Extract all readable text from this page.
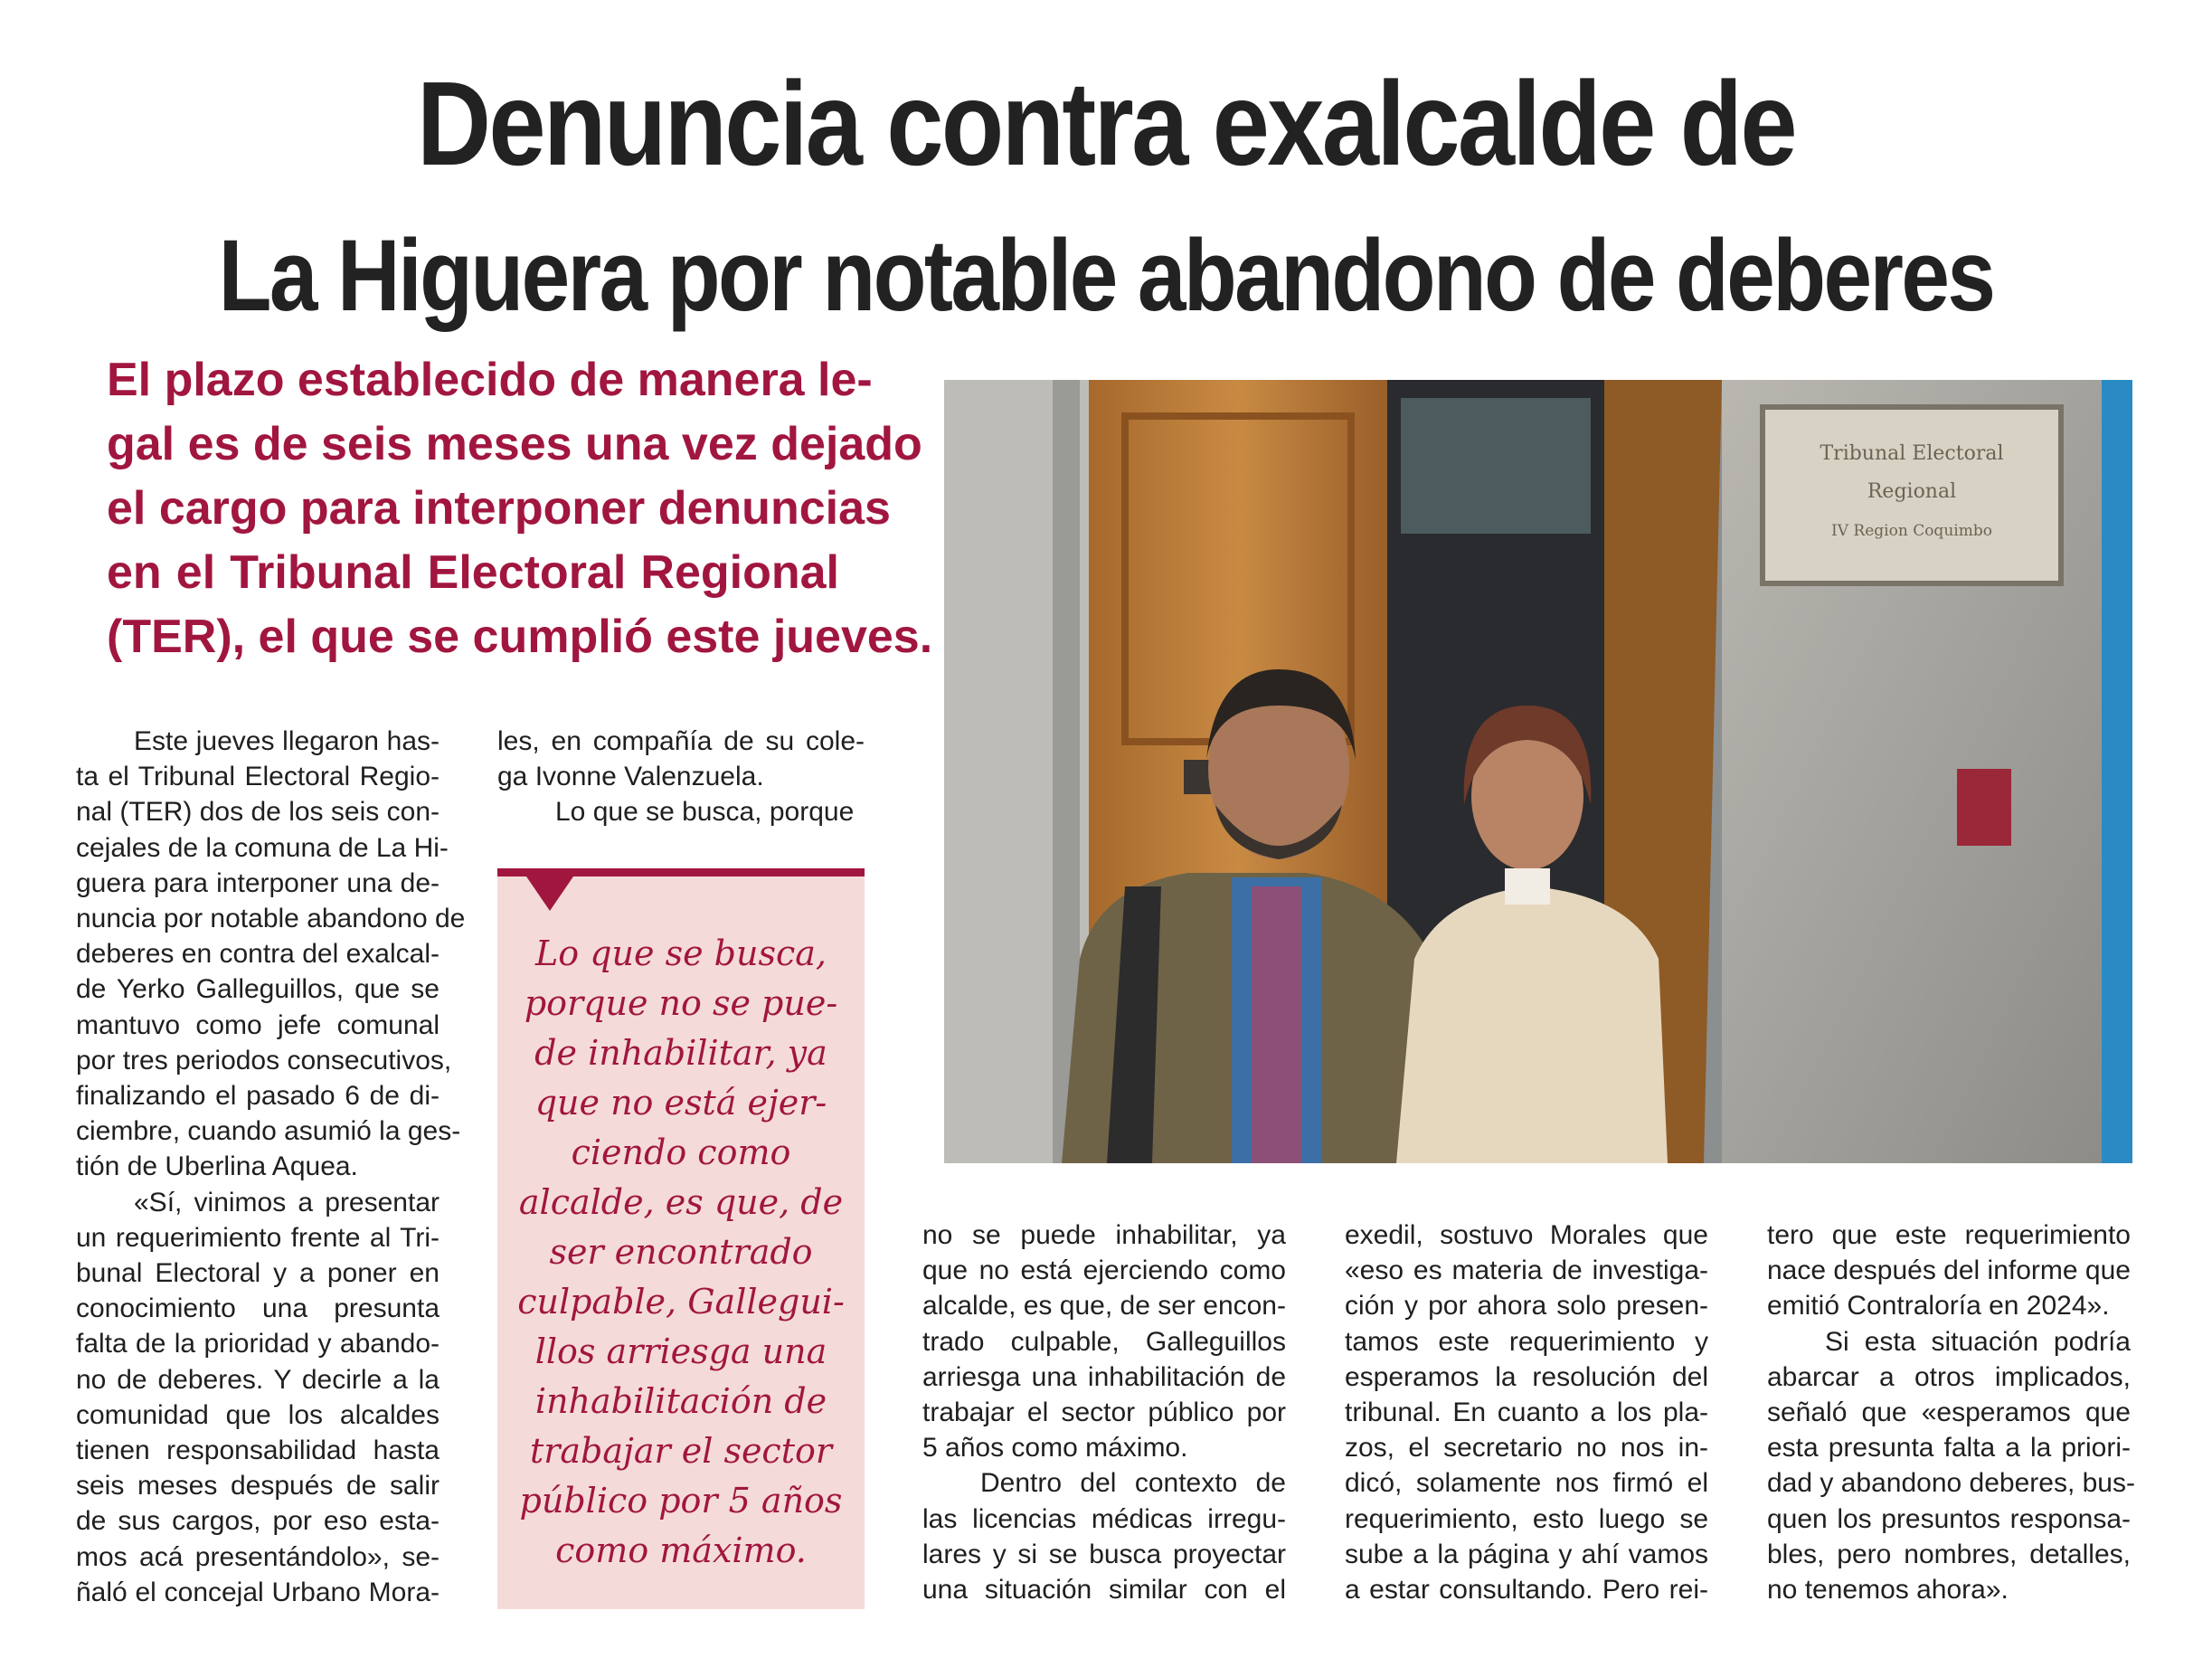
Denuncia contra exalcalde de
La Higuera por notable abandono de deberes
El plazo establecido de manera le-
gal es de seis meses una vez dejado
el cargo para interponer denuncias
en el Tribunal Electoral Regional
(TER), el que se cumplió este jueves.
Este jueves llegaron has-
ta el Tribunal Electoral Regio-
nal (TER) dos de los seis con-
cejales de la comuna de La Hi-
guera para interponer una de-
nuncia por notable abandono de
deberes en contra del exalcal-
de Yerko Galleguillos, que se
mantuvo como jefe comunal
por tres periodos consecutivos,
finalizando el pasado 6 de di-
ciembre, cuando asumió la ges-
tión de Uberlina Aquea.
«Sí, vinimos a presentar
un requerimiento frente al Tri-
bunal Electoral y a poner en
conocimiento una presunta
falta de la prioridad y abando-
no de deberes. Y decirle a la
comunidad que los alcaldes
tienen responsabilidad hasta
seis meses después de salir
de sus cargos, por eso esta-
mos acá presentándolo», se-
ñaló el concejal Urbano Mora-
les, en compañía de su cole-
ga Ivonne Valenzuela.
Lo que se busca, porque
no se puede inhabilitar, ya
que no está ejerciendo como
alcalde, es que, de ser encon-
trado culpable, Galleguillos
arriesga una inhabilitación de
trabajar el sector público por
5 años como máximo.
Dentro del contexto de
las licencias médicas irregu-
lares y si se busca proyectar
una situación similar con el
exedil, sostuvo Morales que
«eso es materia de investiga-
ción y por ahora solo presen-
tamos este requerimiento y
esperamos la resolución del
tribunal. En cuanto a los pla-
zos, el secretario no nos in-
dicó, solamente nos firmó el
requerimiento, esto luego se
sube a la página y ahí vamos
a estar consultando. Pero rei-
tero que este requerimiento
nace después del informe que
emitió Contraloría en 2024».
Si esta situación podría
abarcar a otros implicados,
señaló que «esperamos que
esta presunta falta a la priori-
dad y abandono deberes, bus-
quen los presuntos responsa-
bles, pero nombres, detalles,
no tenemos ahora».
Lo que se busca,
porque no se pue-
de inhabilitar, ya
que no está ejer-
ciendo como
alcalde, es que, de
ser encontrado
culpable, Gallegui-
llos arriesga una
inhabilitación de
trabajar el sector
público por 5 años
como máximo.
Tribunal Electoral
Regional
IV Region Coquimbo
